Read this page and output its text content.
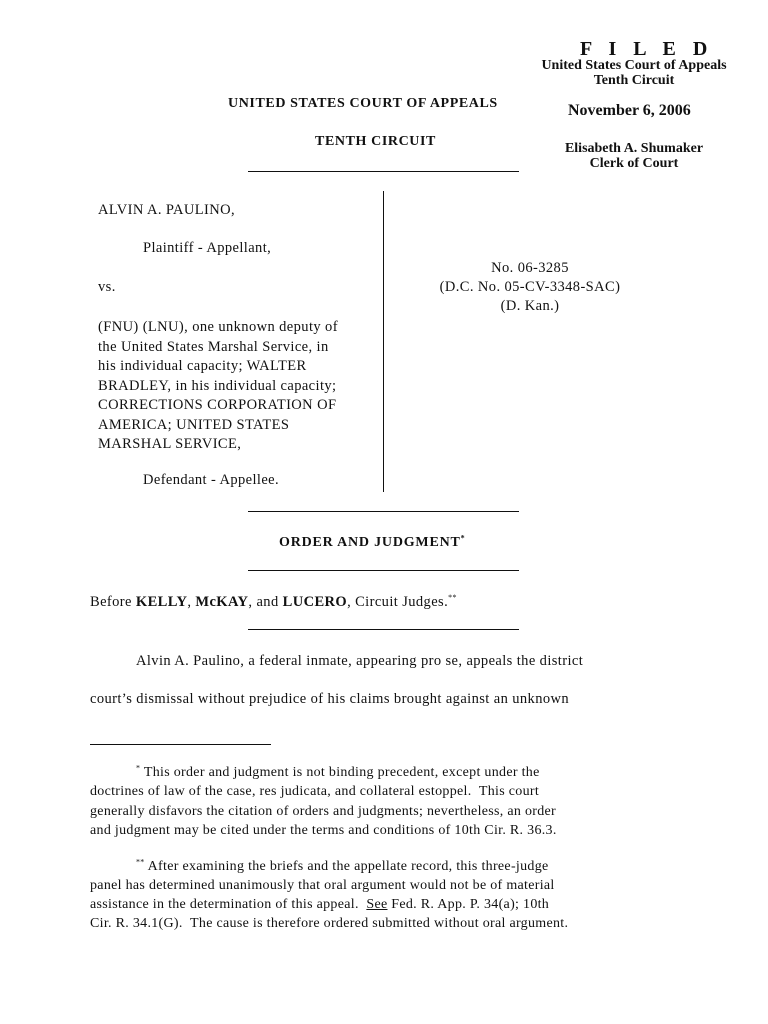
F I L E D
United States Court of Appeals
Tenth Circuit
November 6, 2006
Elisabeth A. Shumaker
Clerk of Court
UNITED STATES COURT OF APPEALS
TENTH CIRCUIT
ALVIN A. PAULINO,
Plaintiff - Appellant,
vs.
(FNU) (LNU), one unknown deputy of
the United States Marshal Service, in
his individual capacity; WALTER
BRADLEY, in his individual capacity;
CORRECTIONS CORPORATION OF
AMERICA; UNITED STATES
MARSHAL SERVICE,
Defendant - Appellee.
No. 06-3285
(D.C. No. 05-CV-3348-SAC)
(D. Kan.)
ORDER AND JUDGMENT*
Before KELLY, McKAY, and LUCERO, Circuit Judges.**
Alvin A. Paulino, a federal inmate, appearing pro se, appeals the district
court’s dismissal without prejudice of his claims brought against an unknown
* This order and judgment is not binding precedent, except under the
doctrines of law of the case, res judicata, and collateral estoppel.  This court
generally disfavors the citation of orders and judgments; nevertheless, an order
and judgment may be cited under the terms and conditions of 10th Cir. R. 36.3.
** After examining the briefs and the appellate record, this three-judge
panel has determined unanimously that oral argument would not be of material
assistance in the determination of this appeal.  See Fed. R. App. P. 34(a); 10th
Cir. R. 34.1(G).  The cause is therefore ordered submitted without oral argument.
